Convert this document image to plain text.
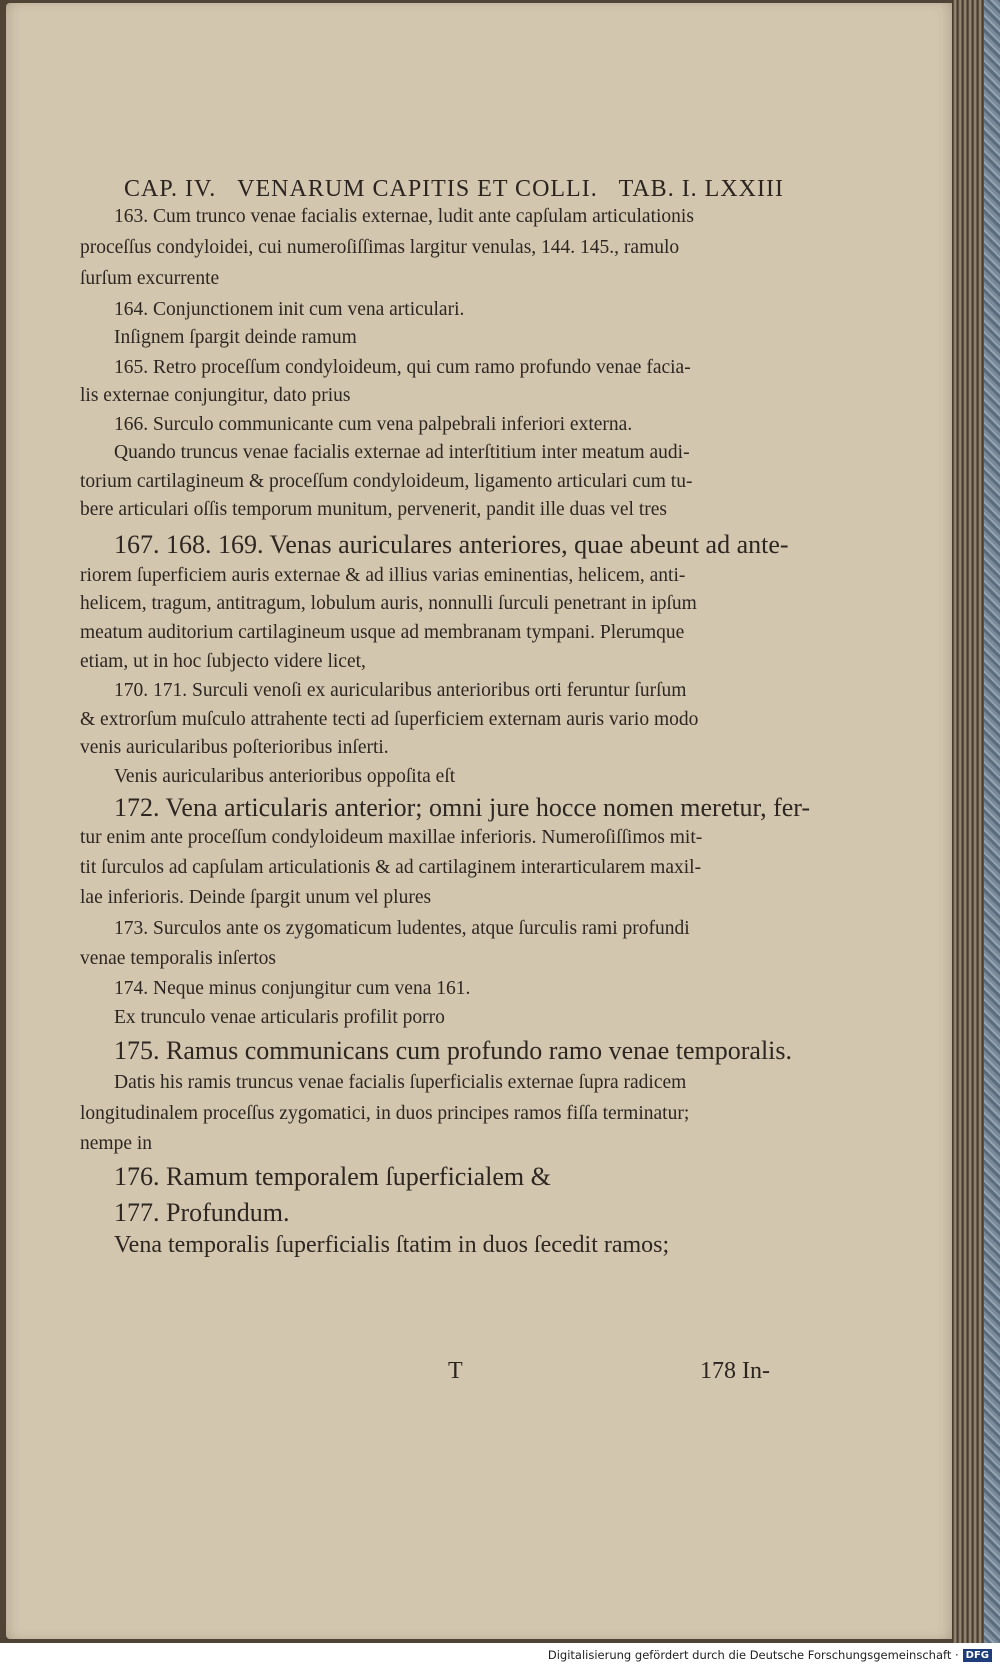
CAP. IV. VENARUM CAPITIS ET COLLI. TAB. I. LXXIII
163. Cum trunco venae facialis externae, ludit ante capſulam articulationis
proceſſus condyloidei, cui numeroſiſſimas largitur venulas, 144. 145., ramulo
ſurſum excurrente
164. Conjunctionem init cum vena articulari.
Inſignem ſpargit deinde ramum
165. Retro proceſſum condyloideum, qui cum ramo profundo venae facia-
lis externae conjungitur, dato prius
166. Surculo communicante cum vena palpebrali inferiori externa.
Quando truncus venae facialis externae ad interſtitium inter meatum audi-
torium cartilagineum & proceſſum condyloideum, ligamento articulari cum tu-
bere articulari oſſis temporum munitum, pervenerit, pandit ille duas vel tres
167. 168. 169. Venas auriculares anteriores, quae abeunt ad ante-
riorem ſuperficiem auris externae & ad illius varias eminentias, helicem, anti-
helicem, tragum, antitragum, lobulum auris, nonnulli ſurculi penetrant in ipſum
meatum auditorium cartilagineum usque ad membranam tympani. Plerumque
etiam, ut in hoc ſubjecto videre licet,
170. 171. Surculi venoſi ex auricularibus anterioribus orti feruntur ſurſum
& extrorſum muſculo attrahente tecti ad ſuperficiem externam auris vario modo
venis auricularibus poſterioribus inſerti.
Venis auricularibus anterioribus oppoſita eſt
172. Vena articularis anterior; omni jure hocce nomen meretur, fer-
tur enim ante proceſſum condyloideum maxillae inferioris. Numeroſiſſimos mit-
tit ſurculos ad capſulam articulationis & ad cartilaginem interarticularem maxil-
lae inferioris. Deinde ſpargit unum vel plures
173. Surculos ante os zygomaticum ludentes, atque ſurculis rami profundi
venae temporalis inſertos
174. Neque minus conjungitur cum vena 161.
Ex trunculo venae articularis profilit porro
175. Ramus communicans cum profundo ramo venae temporalis.
Datis his ramis truncus venae facialis ſuperficialis externae ſupra radicem
longitudinalem proceſſus zygomatici, in duos principes ramos fiſſa terminatur;
nempe in
176. Ramum temporalem ſuperficialem &
177. Profundum.
Vena temporalis ſuperficialis ſtatim in duos ſecedit ramos;
T	178 In-
Digitalisierung gefördert durch die Deutsche Forschungsgemeinschaft · DFG
